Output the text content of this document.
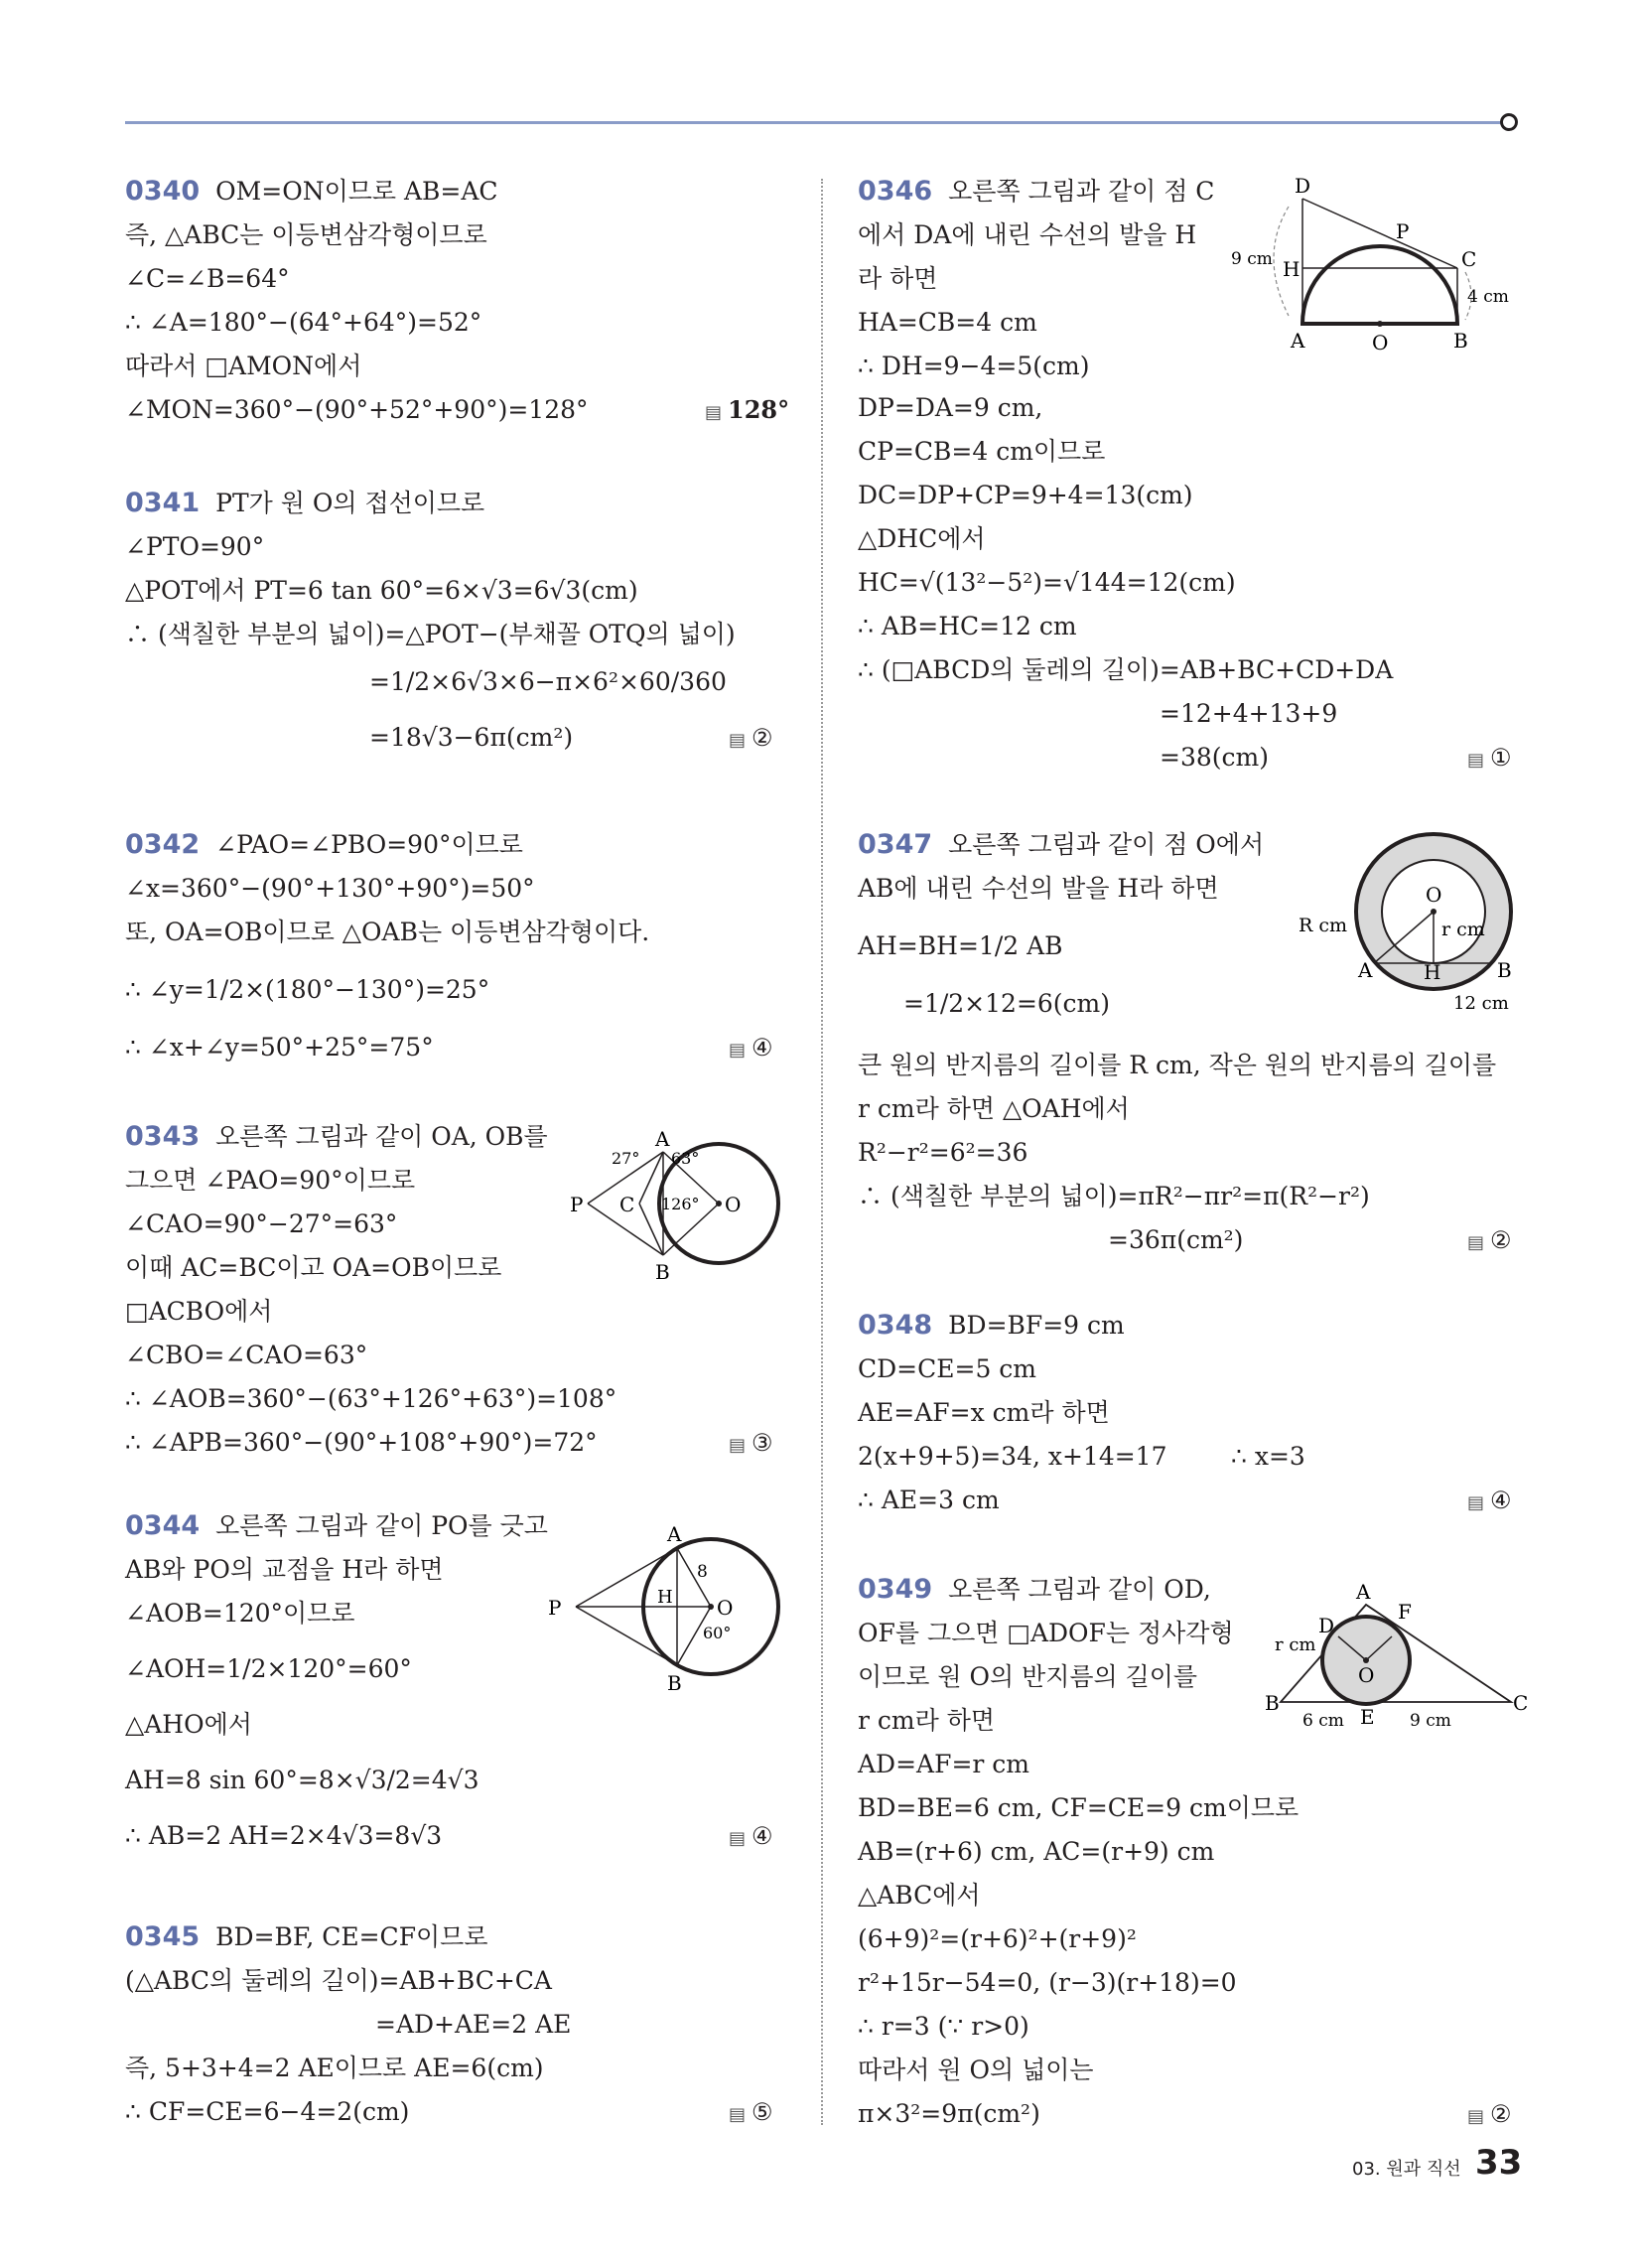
0340 OM=ON이므로 AB=AC
즉, △ABC는 이등변삼각형이므로
∠C=∠B=64°
∴ ∠A=180°−(64°+64°)=52°
따라서 □AMON에서
∠MON=360°−(90°+52°+90°)=128°	▤ 128°
0341 PT가 원 O의 접선이므로
∠PTO=90°
△POT에서 PT=6 tan 60°=6×√3=6√3(cm)
∴ (색칠한 부분의 넓이)=△POT−(부채꼴 OTQ의 넓이)
=1/2×6√3×6−π×6²×60/360
=18√3−6π(cm²)	▤ ②
0342 ∠PAO=∠PBO=90°이므로
∠x=360°−(90°+130°+90°)=50°
또, OA=OB이므로 △OAB는 이등변삼각형이다.
∴ ∠y=1/2×(180°−130°)=25°
∴ ∠x+∠y=50°+25°=75°	▤ ④
0343 오른쪽 그림과 같이 OA, OB를
그으면 ∠PAO=90°이므로
∠CAO=90°−27°=63°
이때 AC=BC이고 OA=OB이므로
□ACBO에서
∠CBO=∠CAO=63°
∴ ∠AOB=360°−(63°+126°+63°)=108°
∴ ∠APB=360°−(90°+108°+90°)=72°	▤ ③
A
B
C
P	O
27° 63°
126°
0344 오른쪽 그림과 같이 PO를 긋고
AB와 PO의 교점을 H라 하면
∠AOB=120°이므로
∠AOH=1/2×120°=60°
△AHO에서
AH=8 sin 60°=8×√3/2=4√3
∴ AB=2 AH=2×4√3=8√3	▤ ④
A
B
P	H O
8
60°
0345 BD=BF, CE=CF이므로
(△ABC의 둘레의 길이)=AB+BC+CA
=AD+AE=2 AE
즉, 5+3+4=2 AE이므로 AE=6(cm)
∴ CF=CE=6−4=2(cm)	▤ ⑤
0346 오른쪽 그림과 같이 점 C
에서 DA에 내린 수선의 발을 H
라 하면
HA=CB=4 cm
∴ DH=9−4=5(cm)
DP=DA=9 cm,
CP=CB=4 cm이므로
DC=DP+CP=9+4=13(cm)
△DHC에서
HC=√(13²−5²)=√144=12(cm)
∴ AB=HC=12 cm
∴ (□ABCD의 둘레의 길이)=AB+BC+CD+DA
=12+4+13+9
=38(cm)	▤ ①
D
P
C
H
A	O	B
9 cm
4 cm
0347 오른쪽 그림과 같이 점 O에서
AB에 내린 수선의 발을 H라 하면
AH=BH=1/2 AB
=1/2×12=6(cm)
큰 원의 반지름의 길이를 R cm, 작은 원의 반지름의 길이를
r cm라 하면 △OAH에서
R²−r²=6²=36
∴ (색칠한 부분의 넓이)=πR²−πr²=π(R²−r²)
=36π(cm²)	▤ ②
O
A	H	B
R cm	r cm
12 cm
0348 BD=BF=9 cm
CD=CE=5 cm
AE=AF=x cm라 하면
2(x+9+5)=34, x+14=17	∴ x=3
∴ AE=3 cm	▤ ④
0349 오른쪽 그림과 같이 OD,
OF를 그으면 □ADOF는 정사각형
이므로 원 O의 반지름의 길이를
r cm라 하면
AD=AF=r cm
BD=BE=6 cm, CF=CE=9 cm이므로
AB=(r+6) cm, AC=(r+9) cm
△ABC에서
(6+9)²=(r+6)²+(r+9)²
r²+15r−54=0, (r−3)(r+18)=0
∴ r=3 (∵ r>0)
따라서 원 O의 넓이는
π×3²=9π(cm²)	▤ ②
A
F
D
O
B
E
C
r cm
6 cm	9 cm
03. 원과 직선 33
